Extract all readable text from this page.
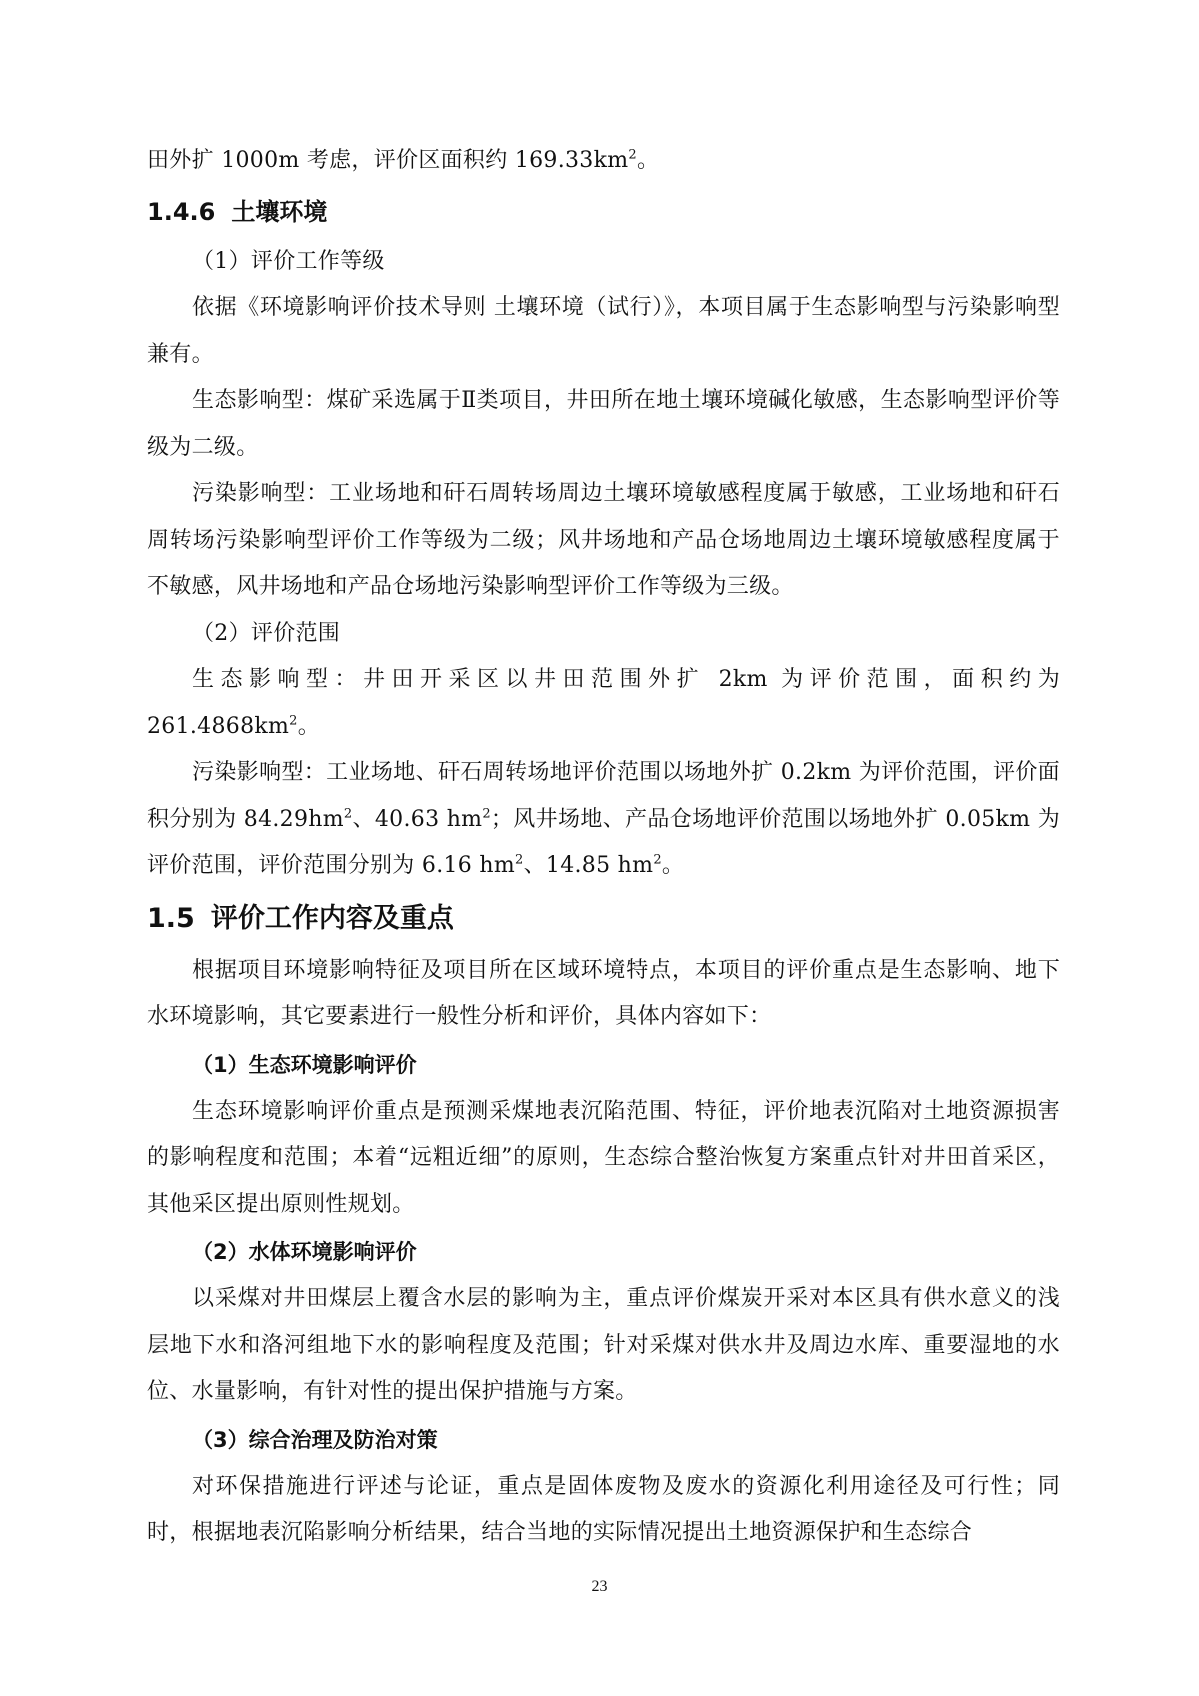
田外扩 1000m 考虑，评价区面积约 $169.33km^2$。

1.4.6 土壤环境

（1）评价工作等级

依据《环境影响评价技术导则 土壤环境（试行）》，本项目属于生态影响型与污染影响型兼有。

生态影响型：煤矿采选属于Ⅱ类项目，井田所在地土壤环境碱化敏感，生态影响型评价等级为二级。

污染影响型：工业场地和矸石周转场周边土壤环境敏感程度属于敏感，工业场地和矸石周转场污染影响型评价工作等级为二级；风井场地和产品仓场地周边土壤环境敏感程度属于不敏感，风井场地和产品仓场地污染影响型评价工作等级为三级。

（2）评价范围

生态影响型：井田开采区以井田范围外扩 2km 为评价范围，面积约为 $261.4868km^2$。

污染影响型：工业场地、矸石周转场地评价范围以场地外扩 0.2km 为评价范围，评价面积分别为 $84.29hm^2$、40.63 $hm^2$；风井场地、产品仓场地评价范围以场地外扩 0.05km 为评价范围，评价范围分别为 6.16 $hm^2$、14.85 $hm^2$。

1.5 评价工作内容及重点

根据项目环境影响特征及项目所在区域环境特点，本项目的评价重点是生态影响、地下水环境影响，其它要素进行一般性分析和评价，具体内容如下：

（1）生态环境影响评价

生态环境影响评价重点是预测采煤地表沉陷范围、特征，评价地表沉陷对土地资源损害的影响程度和范围；本着“远粗近细”的原则，生态综合整治恢复方案重点针对井田首采区，其他采区提出原则性规划。

（2）水体环境影响评价

以采煤对井田煤层上覆含水层的影响为主，重点评价煤炭开采对本区具有供水意义的浅层地下水和洛河组地下水的影响程度及范围；针对采煤对供水井及周边水库、重要湿地的水位、水量影响，有针对性的提出保护措施与方案。

（3）综合治理及防治对策

对环保措施进行评述与论证，重点是固体废物及废水的资源化利用途径及可行性；同时，根据地表沉陷影响分析结果，结合当地的实际情况提出土地资源保护和生态综合

23
